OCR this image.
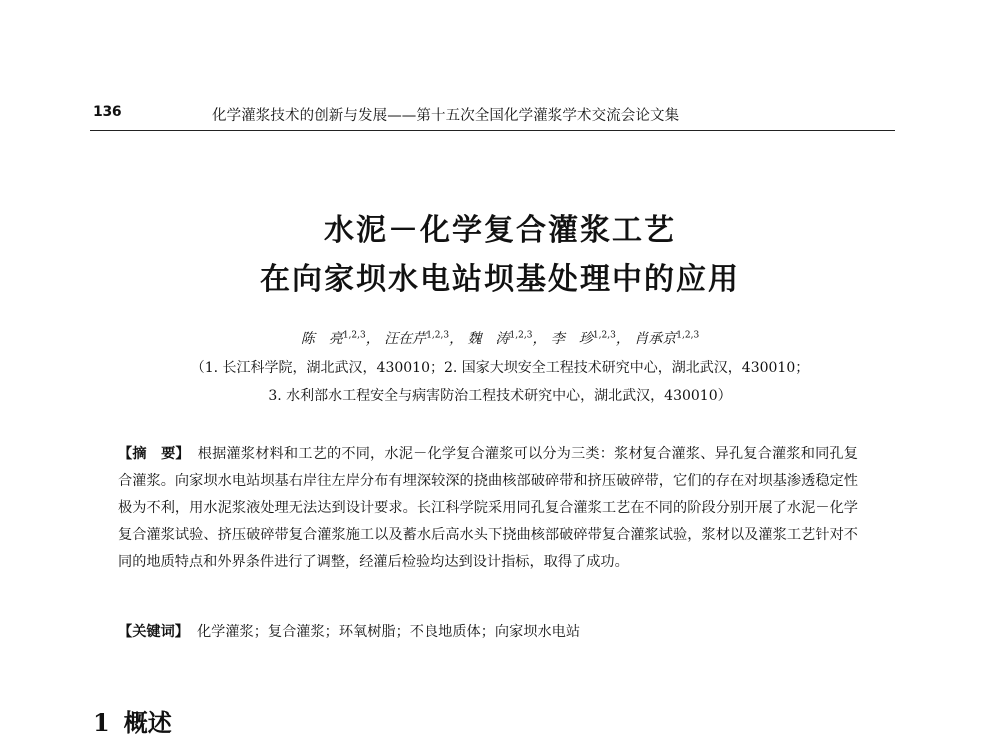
136	化学灌浆技术的创新与发展——第十五次全国化学灌浆学术交流会论文集
水泥－化学复合灌浆工艺
在向家坝水电站坝基处理中的应用
陈　亮$^{1,2,3}$， 汪在芹$^{1,2,3}$， 魏　涛$^{1,2,3}$， 李　珍$^{1,2,3}$， 肖承京$^{1,2,3}$
（1. 长江科学院，湖北武汉，430010；2. 国家大坝安全工程技术研究中心，湖北武汉，430010；
3. 水利部水工程安全与病害防治工程技术研究中心，湖北武汉，430010）
【摘　要】 根据灌浆材料和工艺的不同，水泥－化学复合灌浆可以分为三类：浆材复合灌浆、异孔复合灌浆和同孔复合灌浆。向家坝水电站坝基右岸往左岸分布有埋深较深的挠曲核部破碎带和挤压破碎带，它们的存在对坝基渗透稳定性极为不利，用水泥浆液处理无法达到设计要求。长江科学院采用同孔复合灌浆工艺在不同的阶段分别开展了水泥－化学复合灌浆试验、挤压破碎带复合灌浆施工以及蓄水后高水头下挠曲核部破碎带复合灌浆试验，浆材以及灌浆工艺针对不同的地质特点和外界条件进行了调整，经灌后检验均达到设计指标，取得了成功。
【关键词】 化学灌浆；复合灌浆；环氧树脂；不良地质体；向家坝水电站
1 概述
